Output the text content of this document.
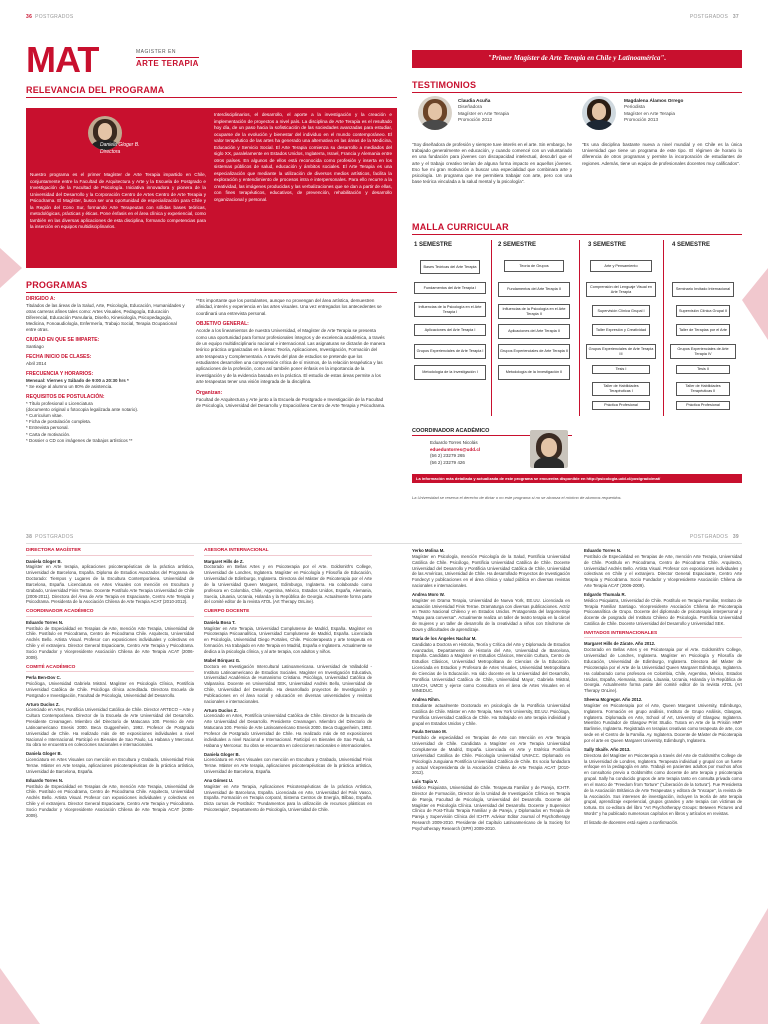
36 POSTGRADOS	POSTGRADOS 37
MAT	MAGISTER EN
ARTE TERAPIA
RELEVANCIA DEL PROGRAMA
Daniela Gloger B.
Directora
Nuestro programa es el primer Magíster de Arte Terapia impartido en Chile, conjuntamente entre la Facultad de Arquitectura y Arte y la Escuela de Postgrado e Investigación de la Facultad de Psicología. Iniciativa innovadora y pionera de la Universidad del Desarrollo y la Corporación Centro de Artes Centro de Arte Terapia y Psicodrama. El Magíster, busca ser una oportunidad de especialización para Chile y la Región del Cono Sur, formando Arte Terapeutas con sólidas bases teóricas, metodológicas, prácticas y éticas. Pone énfasis en el área clínica y experiencial, como también en las diversas aplicaciones de esta disciplina, formando competencias para la inserción en equipos multidisciplinarios.
Interdisciplinarios, el desarrollo, el aporte a la investigación y la creación e implementación de proyectos a nivel país. La disciplina de Arte Terapia es el resultado hoy día, de un paso hacia la sofisticación de las sociedades avanzadas para estudiar, ocuparse de la evolución y bienestar del individuo en el mundo contemporáneo. El valor terapéutico de las artes ha generado una alternativa en las áreas de la Medicina, Educación y Servicio Social. El Arte Terapia comienza su desarrollo a mediados del siglo XX, paralelamente en Estados Unidos, Inglaterra, Israel, Francia y Alemania entre otros países. En algunos de ellos está reconocida como profesión y inserta en los sistemas públicos de salud, educación y ámbitos sociales. El Arte Terapia es una especialización que mediante la utilización de diversos medios artísticos, facilita la exploración y entendimiento de procesos intra e interpersonales. Para ello recurre a la creatividad, las imágenes producidas y las verbalizaciones que se dan a partir de ellas, con fines terapéuticos, educativos, de prevención, rehabilitación y desarrollo organizacional y personal.
PROGRAMAS
DIRIGIDO A:

Titulados de las áreas de la Salud, Arte, Psicología, Educación, Humanidades y otras carreras afines tales como: Artes Visuales, Pedagogía, Educación Diferencial, Educación Parvularia, Diseño, Kinesiología, Psicopedagogía, Medicina, Fonoaudiología, Enfermería, Trabajo Social, Terapia Ocupacional entre otras.

CIUDAD EN QUE SE IMPARTE:

Santiago

FECHA INICIO DE CLASES:

Abril 2014

FRECUENCIA Y HORARIOS:

Mensual: Viernes y Sábado de 9:00 a 20:30 hrs *
* Se exige al alumno un 80% de asistencia.

REQUISITOS DE POSTULACIÓN:
* Título profesional o Licenciatura
(documento original o fotocopia legalizada ante notario).
* Curriculum vitae.
* Ficha de postulación completa.
* Entrevista personal.
* Carta de motivación.
* Dossier o CD con imágenes de trabajos artísticos **

**Es importante que los postulantes, aunque no provengan del área artística, demuestren afinidad, interés y experiencia en las artes visuales. Una vez entregados los antecedentes se coordinará una entrevista personal.

OBJETIVO GENERAL:

Acorde a los lineamientos de nuestra Universidad, el Magíster de Arte Terapia se presenta como una oportunidad para formar profesionales íntegros y de excelencia académica, a través de un equipo multidisciplinario nacional e internacional. Las asignaturas se dictarán de manera teórico práctica organizadas en 5 áreas: Teoría, Aplicaciones, Investigación, Formación del arte terapeuta y Complementaria. A través del plan de estudios se pretende que los estudiantes desarrollen una comprensión crítica de sí mismos, de la relación terapéutica y las aplicaciones de la profesión, como así también poner énfasis en la importancia de la investigación y de la evidencia basada en la práctica. El estudio de estas áreas permite a los arte terapeutas tener una visión integrada de la disciplina.

Organizan:

Facultad de Arquitectura y Arte junto a la Escuela de Postgrado e Investigación de la Facultad de Psicología, Universidad del Desarrollo y Espacio/área Centro de Arte Terapia y Psicodrama.

"Primer Magíster de Arte Terapia en Chile y Latinoamérica".
TESTIMONIOS
Claudia Acuña
Diseñadora
Magíster en Arte Terapia
Promoción 2012
"Soy diseñadora de profesión y siempre tuve interés en el arte. Sin embargo, he trabajado generalmente en educación, y cuando comencé con un voluntariado en una fundación para jóvenes con discapacidad intelectual, descubrí que el arte y el trabajo creativo tenían de alguna forma impacto en aquellos jóvenes. Eso fue mi gran motivación a buscar una especialidad que combinara arte y psicología. Un programa que me permitiera trabajar con arte, pero con una base teórica vinculada a la salud mental y la psicología".
Magdalena Álamos Orrego
Periodista
Magíster en Arte Terapia
Promoción 2013
"Es una disciplina bastante nueva a nivel mundial y en Chile es la única Universidad que tiene un programa de este tipo. El régimen de horario lo diferencia de otros programas y permite la incorporación de estudiantes de regiones. Además, tiene un equipo de profesionales docentes muy calificados".
MALLA CURRICULAR
1 SEMESTRE	2 SEMESTRE	3 SEMESTRE	4 SEMESTRE
Bases Teóricas del Arte Terapia
Fundamentos del Arte Terapia I
Influencias de la Psicología en el Arte Terapia I
Aplicaciones del Arte Terapia I
Grupos Experienciales de Arte Terapia I
Metodología de la Investigación I
Teoría de Grupos
Fundamentos del Arte Terapia II
Influencias de la Psicología en el Arte Terapia II
Aplicaciones del Arte Terapia II
Grupos Experienciales de Arte Terapia II
Metodología de la Investigación II
Arte y Pensamiento
Comprensión del Lenguaje Visual en Arte Terapia
Supervisión Clínica Grupal I
Taller Expresión y Creatividad
Grupos Experienciales de Arte Terapia III
Tesis I
Taller de Habilidades Terapéuticas I
Práctica Profesional
Seminario Invitado Internacional
Supervisión Clínica Grupal II
Taller de Terapias por el Arte
Grupos Experienciales de Arte Terapia IV
Tesis II
Taller de Habilidades Terapéuticas II
Práctica Profesional
COORDINADOR ACADÉMICO
Eduardo Torres Nicolás
edueduntorres@udd.cl
(56 2) 23279 265
(56 2) 23279 426
La información más detallada y actualizada de este programa se encuentra disponible en http://psicologia.udd.cl/postgrado/mat/
La Universidad se reserva el derecho de dictar o no este programa si no se alcanza el mínimo de alumnos requeridos.
38 POSTGRADOS	POSTGRADOS 39
DIRECTORA MAGÍSTER

Daniela Gloger B.
Magíster en Arte terapia, aplicaciones psicoterapéuticas de la práctica artística, Universidad de Barcelona, España. Diploma de Estudios Avanzados del Programa de Doctorado: Tiempos y Lugares de la Escultura Contemporánea. Universidad de Barcelona, España. Licenciatura en Artes Visuales con mención en Escultura y Grabado, Universidad Finis Terrae. Docente Postítulo Arte Terapia Universidad de Chile (2006-2011). Directora del Área de Arte Terapia en Espacioarte, Centro Arte Terapia y Psicodrama. Presidenta de la Asociación Chilena de Arte Terapia ACAT (2010-2012).

COORDINADOR ACADÉMICO

Eduardo Torres N.
Postítulo de Especialidad en Terapias de Arte, mención Arte Terapia, Universidad de Chile. Postítulo en Psicodrama, Centro de Psicodrama Chile. Arquitecto, Universidad Andrés Bello. Artista Visual. Profesor con exposiciones individuales y colectivas en Chile y el extranjero. Director General Espacioarte, Centro Arte Terapia y Psicodrama. Socio Fundador y Vicepresidente Asociación Chilena de Arte Terapia ACAT (2006-2009).

COMITÉ ACADÉMICO

Perla Ben-Dov C.
Psicóloga, Universidad Gabriela Mistral. Magíster en Psicología Clínica, Pontificia Universidad Católica de Chile. Psicóloga clínica acreditada. Directora Escuela de Postgrado e Investigación, Facultad de Psicología, Universidad del Desarrollo.

Arturo Duclos Z.
Licenciado en Artes, Pontificia Universidad Católica de Chile. Director ARTECO – Arte y Cultura Contemporánea. Director de la Escuela de Arte Universidad del Desarrollo. Presidente Creamagen. Miembro del Directorio de Matucana 100. Premio de Arte Latinoamericano Enesis 2000. Beca Guggenheim, 1992. Profesor de Postgrado Universidad de Chile. Ha realizado más de 60 exposiciones individuales a nivel Nacional e Internacional. Participó en Bienales de Sao Paulo, La Habana y Mercosur. Su obra se encuentra en colecciones nacionales e internacionales.

Daniela Gloger B.
Licenciatura en Artes Visuales con mención en Escultura y Grabado, Universidad Finis Terrae. Máster en Arte terapia, aplicaciones psicoterapéuticas de la práctica artística, Universidad de Barcelona, España.

Eduardo Torres N.
Postítulo de Especialidad en Terapias de Arte, mención Arte Terapia, Universidad de Chile. Postítulo en Psicodrama, Centro de Psicodrama Chile. Arquitecto, Universidad Andrés Bello. Artista Visual. Profesor con exposiciones individuales y colectivas en Chile y el extranjero. Director General Espacioarte, Centro Arte Terapia y Psicodrama. Socio Fundador y Vicepresidente Asociación Chilena de Arte Terapia ACAT (2006-2009).

ASESORA INTERNACIONAL

Margaret Hills de Z.
Doctorado en Bellas Artes y en Psicoterapia por el Arte. Goldsmith's College, Universidad de Londres, Inglaterra. Magíster en Psicología y Filosofía de Educación, Universidad de Edimburgo, Inglaterra. Directora del Máster de Psicoterapia por el Arte de la Universidad Queen Margaret, Edimburgo, Inglaterra. Ha colaborado como profesora en Colombia, Chile, Argentina, México, Estados Unidos, España, Alemania, Suecia, Lituania, Ucrania, Holanda y la República de Georgia. Actualmente forma parte del comité editor de la revista ATOL (Art Therapy OnLine).

CUERPO DOCENTE

Daniela Bosa T.
Magíster en Arte Terapia, Universidad Complutense de Madrid, España. Magíster en Psicoterapia Psicoanalítica, Universidad Complutense de Madrid, España. Licenciada en Psicología, Universidad Diego Portales, Chile. Psicoterapeuta y arte terapeuta en formación. Ha trabajado en Arte Terapia en Madrid, España e Inglaterra. Actualmente se dedica a la psicología clínica, y al arte terapia, con adultos y niños.

Mabel Bórquez G.
Doctora en Investigación Intercultural Latinoamericana. Universidad de Valladolid - Instituto Latinoamericano de Estudios Sociales. Magíster en Investigación Educativa, Universidad Académica de Humanismo Cristiano. Psicóloga, Universidad Católica de Valparaíso. Docente en Universidad SEK, Universidad Andrés Bello, Universidad de Chile, Universidad del Desarrollo. Ha desarrollado proyectos de Investigación y Publicaciones en el área social y educación en diversas universidades y revistas nacionales e internacionales.

Arturo Duclos Z.
Licenciado en Artes, Pontificia Universidad Católica de Chile. Director de la Escuela de Arte Universidad del Desarrollo. Presidente Creamagen. Miembro del Directorio de Matucana 100. Premio de Arte Latinoamericano Enesis 2000. Beca Guggenheim, 1992. Profesor de Postgrado Universidad de Chile. Ha realizado más de 60 exposiciones individuales a nivel Nacional e Internacional. Participó en Bienales de Sao Paulo, La Habana y Mercosur. Su obra se encuentra en colecciones nacionales e internacionales.

Daniela Gloger B.
Licenciatura en Artes Visuales con mención en Escultura y Grabado, Universidad Finis Terrae. Máster en Arte terapia, aplicaciones psicoterapéuticas de la práctica artística, Universidad de Barcelona, España.

Ana Gómez U.
Magíster en Arte Terapia, Aplicaciones Psicoterapéuticas de la práctica Artística, Universidad de Barcelona, España. Licenciada en Arte, Universidad del País Vasco, España. Formación en Terapia corporal, Sistema Centros de Energía, Bilbao, España. Dicta cursos de Postítulo: "Fundamentos para la utilización de recursos plásticos en Psicoterapia", Departamento de Psicología, Universidad de Chile.

Yerko Molina M.
Magíster en Psicología, mención Psicología de la Salud, Pontificia Universidad Católica de Chile. Psicólogo, Pontificia Universidad Católica de Chile. Docente Universidad del Desarrollo y Pontificia Universidad Católica de Chile, Universidad de las Américas, Universidad de Chile. Ha desarrollado Proyectos de Investigación Fondecyt y publicaciones en el área clínica y salud pública en diversas revistas nacionales e internacionales.

Andrea Moro W.
Magíster en Drama Terapia, Universidad de Nueva York, EE.UU. Licenciada en actuación Universidad Finis Terrae. Dramaturga con diversas publicaciones. Actriz en Teatro Nacional Chileno y en Estados Unidos. Protagonista del largometraje "Mapa para conversar". Actualmente realiza un taller de teatro terapia en la cárcel de mujeres y un taller de desarrollo de la creatividad a niños con Síndrome de Down y dificultades de aprendizaje.

María de los Ángeles Nachar M.
Candidato a Doctora en Historia, Teoría y Crítica del Arte y Diplomado de Estudios Avanzados, Departamento de Historia del Arte, Universidad de Barcelona, España. Candidato a Magíster en Estudios Clásicos, Mención Cultura, Centro de Estudios Clásicos, Universidad Metropolitana de Ciencias de la Educación. Licenciada en Estudios y Profesora de Artes Visuales, Universidad Metropolitana de Ciencias de la Educación. Ha sido docente en la Universidad del Desarrollo, Pontificia Universidad Católica de Chile, Universidad Mayor, Gabriela Mistral, USACH, UMCE y ejerce como Consultora en el área de Artes Visuales en el MINEDUC.

Andrea Rihm.
Estudiante actualmente Doctorado en psicología de la Pontificia Universidad Católica de Chile. Máster en Arte Terapia, New York University, EE.UU. Psicóloga, Pontificia Universidad Católica de Chile. Ha trabajado en arte terapia individual y grupal en Estados Unidos y Chile.

Paula Serrano M.
Postítulo de especialidad en Terapias de Arte con Mención en Arte Terapia Universidad de Chile. Candidata a Magíster en Arte Terapia Universidad Complutense de Madrid, España. Licenciada en Arte y Estética Pontificia Universidad Católica de Chile. Psicología Universidad UNIACC. Diplomado en Psicología Junguiana Pontificia Universidad Católica de Chile. Es socia fundadora y actual Vicepresidenta de la Asociación Chilena de Arte Terapia ACAT (2010-2012).

Luis Tapia V.
Médico Psiquiatra, Universidad de Chile. Terapeuta Familiar y de Pareja, ICHTF. Director de Formación, Director de la Unidad de Investigación Clínica en Terapia de Pareja, Facultad de Psicología, Universidad del Desarrollo. Docente del Magíster en Psicología Clínica. Universidad del Desarrollo. Docente y Supervisor Clínico de Post-Título Terapia Familiar y de Pareja, y Diplomados en Terapia de Pareja y Supervisión Clínica del ICHTF. Advisor Editor Journal of Psychotherapy Research 2009-2010. Presidente del Capítulo Latinoamericano de la Society for Psychotherapy Research (SPR) 2009-2010.

Eduardo Torres N.
Postítulo de Especialidad en Terapias de Arte, mención Arte Terapia, Universidad de Chile. Postítulo en Psicodrama, Centro de Psicodrama Chile. Arquitecto, Universidad Andrés Bello. Artista Visual. Profesor con exposiciones individuales y colectivas en Chile y el extranjero. Director General Espacioarte, Centro Arte Terapia y Psicodrama. Socio Fundador y Vicepresidente Asociación Chilena de Arte Terapia ACAT (2006-2009).

Edgardo Thumala R.
Médico Psiquiatra, Universidad de Chile. Postítulo en Terapia Familiar, Instituto de Terapia Familiar Santiago. Vicepresidente Asociación Chilena de Psicoterapia Psicoanalítica de Grupo. Docente del diplomado de psicoterapia interpersonal y docente de posgrado del Instituto Chileno de Psicología. Pontificia Universidad Católica de Chile. Docente Universidad del Desarrollo y Universidad SEK.

INVITADOS INTERNACIONALES

Margaret Hills de Zárate. Año 2012.
Doctorado en Bellas Artes y en Psicoterapia por el Arte. Goldsmith's College, Universidad de Londres, Inglaterra. Magíster en Psicología y Filosofía de Educación, Universidad de Edimburgo, Inglaterra. Directora del Máster de Psicoterapia por el Arte de la Universidad Queen Margaret Edimburgo, Inglaterra. Ha colaborado como profesora en Colombia, Chile, Argentina, México, Estados Unidos, España, Alemania, Suecia, Lituania, Ucrania, Holanda y la República de Georgia. Actualmente forma parte del comité editor de la revista ATOL (Art Therapy OnLine).

Sheena Mcgregor. Año 2012.
Magíster en Psicoterapia por el Arte, Queen Margaret University, Edimburgo, Inglaterra. Formación en grupo análisis, Instituto de Grupo Análisis, Glasgow, Inglaterra. Diplomada en Arte, School of Art, University of Glasgow, Inglaterra. Miembro Fundador de Glasgow Print Studio. Tutora en Arte de la Prisión HMP Barlinnie, Inglaterra. Registrada en terapias creativas como terapeuta de arte, con sede en el Centro de la Familia. Ay. Inglaterra. Docente de Máster de Psicoterapia por el arte en Queen Margaret University, Edimburgh, Inglaterra.

Sally Skaife. Año 2013.
Directora del Magíster en Psicoterapia a través del Arte de Goldsmiths College de la Universidad de Londres, Inglaterra. Terapeuta individual y grupal con un fuerte enfoque en la pedagogía en arte. Trabajó en pacientes adultos por muchos años en consultorio previo a Goldsmiths como docente de arte terapia y psicoterapia grupal. Sally ha conducido grupos de arte terapia tanto en consulta privada como en el marco de "Freedom from Torture" ("Liberación de la tortura"). Fue Presidenta de la Asociación Británica de Arte Terapeutas y editora de "Inscape", la revista de la Asociación. Sus intereses de investigación, incluyen la teoría de arte terapia grupal, aprendizaje experiencial, grupos grandes y arte terapia con víctimas de tortura. Es co-editora del libro "Art Psychotherapy Groups: Between Pictures and Words" y ha publicado numerosos capítulos en libros y artículos en revistas.

El listado de docentes está sujeto a confirmación.
